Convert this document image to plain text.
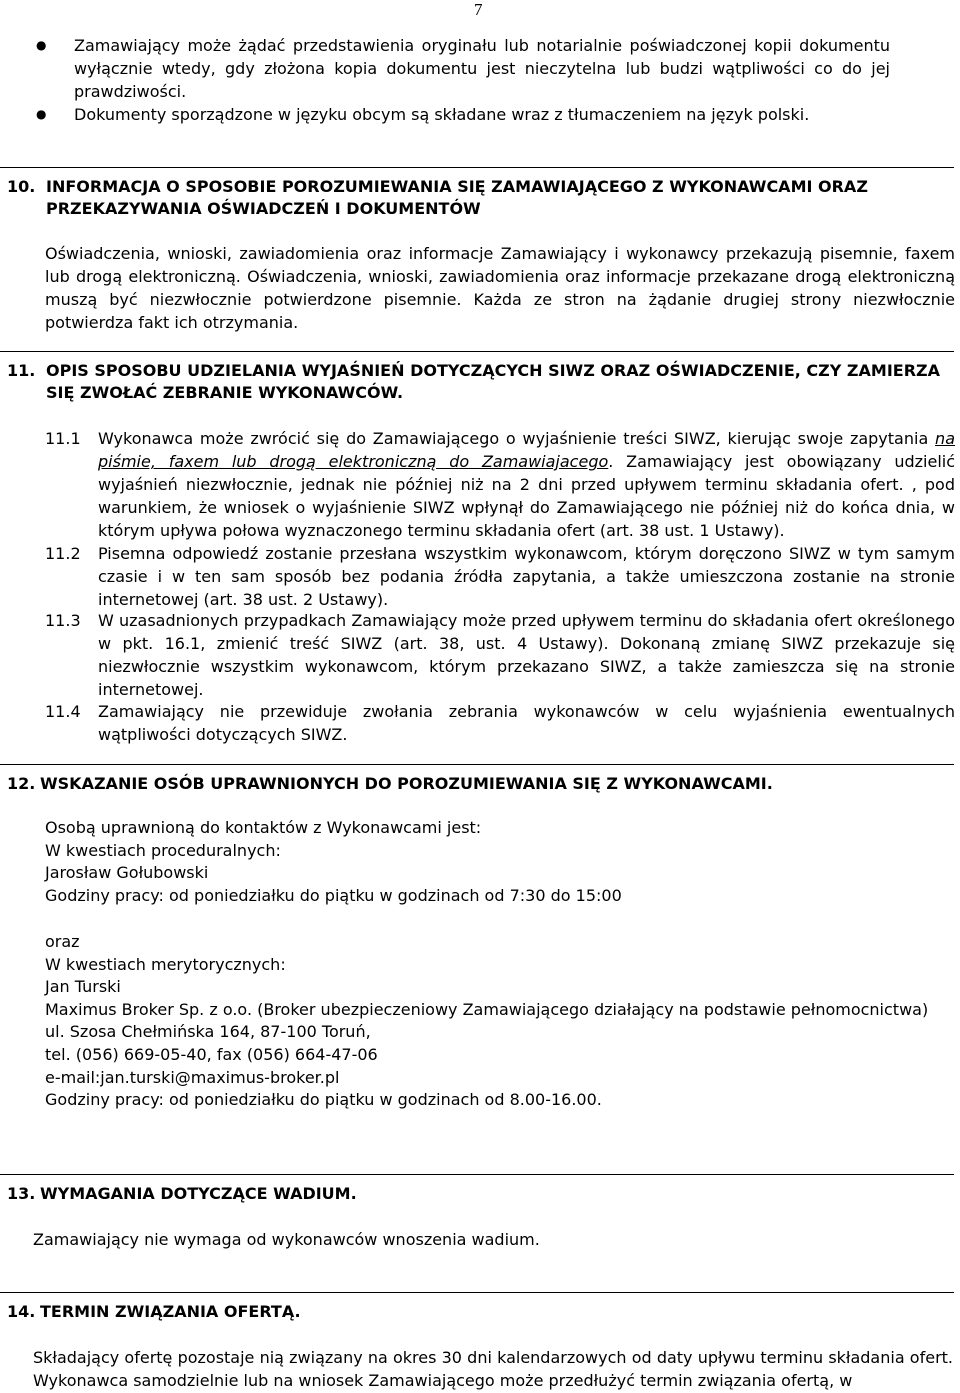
7
● Zamawiający może żądać przedstawienia oryginału lub notarialnie poświadczonej kopii dokumentu wyłącznie wtedy, gdy złożona kopia dokumentu jest nieczytelna lub budzi wątpliwości co do jej prawdziwości.
● Dokumenty sporządzone w języku obcym są składane wraz z tłumaczeniem na język polski.
10. INFORMACJA O SPOSOBIE POROZUMIEWANIA SIĘ ZAMAWIAJĄCEGO Z WYKONAWCAMI ORAZ PRZEKAZYWANIA OŚWIADCZEŃ I DOKUMENTÓW

Oświadczenia, wnioski, zawiadomienia oraz informacje Zamawiający i wykonawcy przekazują pisemnie, faxem lub drogą elektroniczną. Oświadczenia, wnioski, zawiadomienia oraz informacje przekazane drogą elektroniczną muszą być niezwłocznie potwierdzone pisemnie. Każda ze stron na żądanie drugiej strony niezwłocznie potwierdza fakt ich otrzymania.

11. OPIS SPOSOBU UDZIELANIA WYJAŚNIEŃ DOTYCZĄCYCH SIWZ ORAZ OŚWIADCZENIE, CZY ZAMIERZA SIĘ ZWOŁAĆ ZEBRANIE WYKONAWCÓW.
11.1 Wykonawca może zwrócić się do Zamawiającego o wyjaśnienie treści SIWZ, kierując swoje zapytania na piśmie, faxem lub drogą elektroniczną do Zamawiajacego. Zamawiający jest obowiązany udzielić wyjaśnień niezwłocznie, jednak nie później niż na 2 dni przed upływem terminu składania ofert. , pod warunkiem, że wniosek o wyjaśnienie SIWZ wpłynął do Zamawiającego nie później niż do końca dnia, w którym upływa połowa wyznaczonego terminu składania ofert (art. 38 ust. 1 Ustawy).
11.2 Pisemna odpowiedź zostanie przesłana wszystkim wykonawcom, którym doręczono SIWZ w tym samym czasie i w ten sam sposób bez podania źródła zapytania, a także umieszczona zostanie na stronie internetowej (art. 38 ust. 2 Ustawy).
11.3 W uzasadnionych przypadkach Zamawiający może przed upływem terminu do składania ofert określonego w pkt. 16.1, zmienić treść SIWZ (art. 38, ust. 4 Ustawy). Dokonaną zmianę SIWZ przekazuje się niezwłocznie wszystkim wykonawcom, którym przekazano SIWZ, a także zamieszcza się na stronie internetowej.
11.4 Zamawiający nie przewiduje zwołania zebrania wykonawców w celu wyjaśnienia ewentualnych wątpliwości dotyczących SIWZ.
12. WSKAZANIE OSÓB UPRAWNIONYCH DO POROZUMIEWANIA SIĘ Z WYKONAWCAMI.
Osobą uprawnioną do kontaktów z Wykonawcami jest:
W kwestiach proceduralnych:
Jarosław Gołubowski
Godziny pracy: od poniedziałku do piątku w godzinach od 7:30 do 15:00
oraz
W kwestiach merytorycznych:
Jan Turski
Maximus Broker Sp. z o.o. (Broker ubezpieczeniowy Zamawiającego działający na podstawie pełnomocnictwa)
ul. Szosa Chełmińska 164, 87-100 Toruń,
tel. (056) 669-05-40, fax (056) 664-47-06
e-mail:jan.turski@maximus-broker.pl
Godziny pracy: od poniedziałku do piątku w godzinach od 8.00-16.00.
13. WYMAGANIA DOTYCZĄCE WADIUM.

Zamawiający nie wymaga od wykonawców wnoszenia wadium.

14. TERMIN ZWIĄZANIA OFERTĄ.

Składający ofertę pozostaje nią związany na okres 30 dni kalendarzowych od daty upływu terminu składania ofert. Wykonawca samodzielnie lub na wniosek Zamawiającego może przedłużyć termin związania ofertą, w
